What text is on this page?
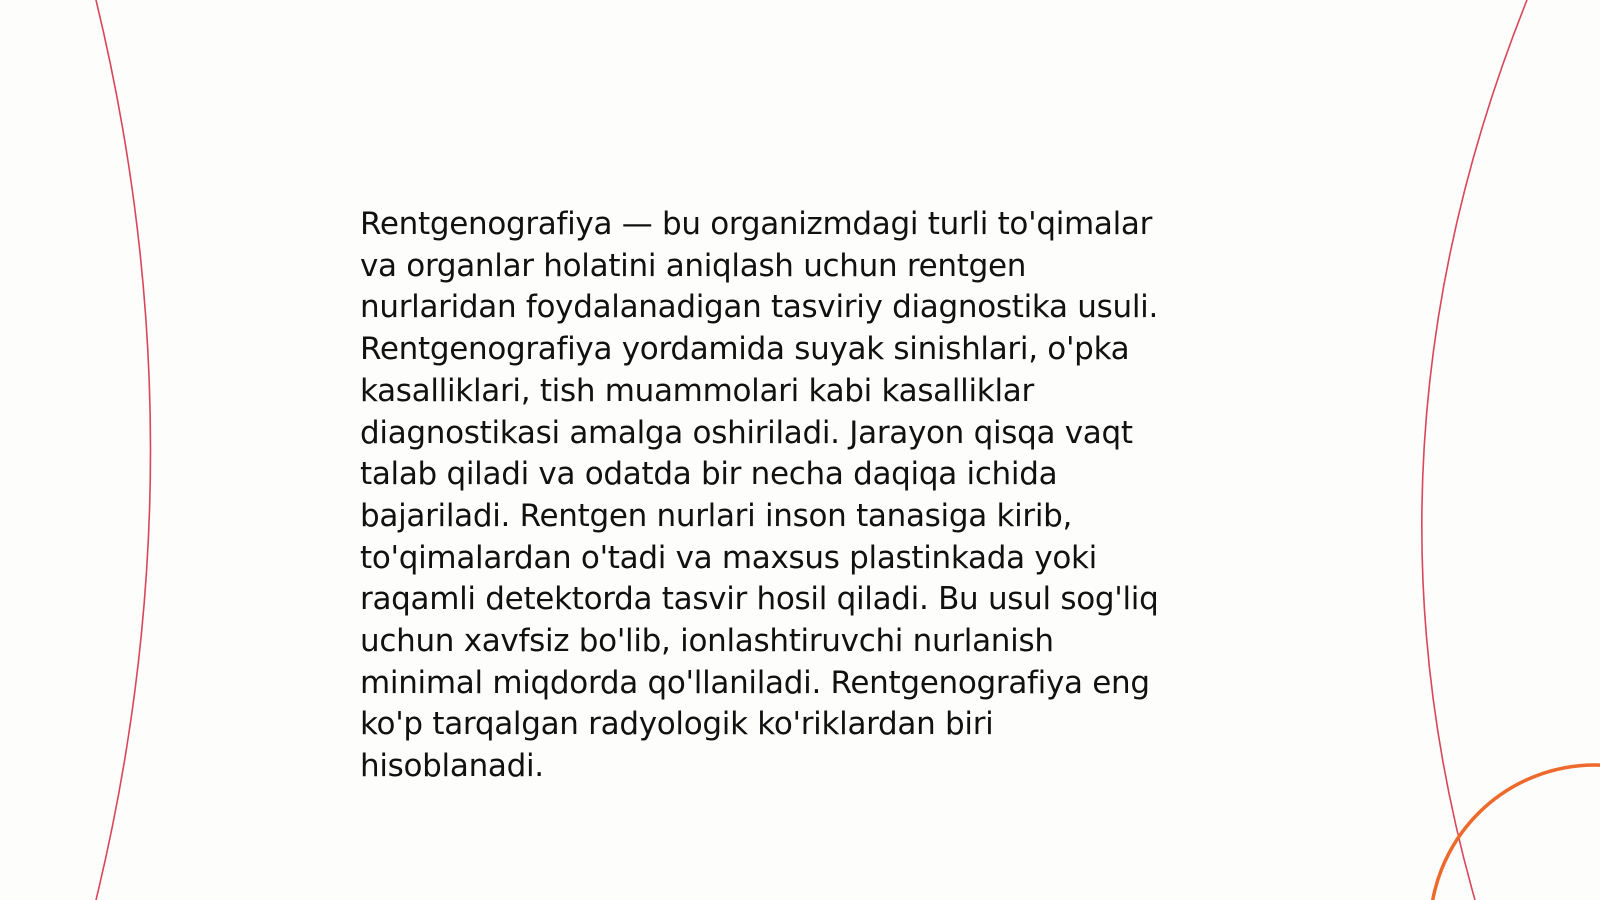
Rentgenografiya — bu organizmdagi turli to'qimalar
va organlar holatini aniqlash uchun rentgen
nurlaridan foydalanadigan tasviriy diagnostika usuli.
Rentgenografiya yordamida suyak sinishlari, o'pka
kasalliklari, tish muammolari kabi kasalliklar
diagnostikasi amalga oshiriladi. Jarayon qisqa vaqt
talab qiladi va odatda bir necha daqiqa ichida
bajariladi. Rentgen nurlari inson tanasiga kirib,
to'qimalardan o'tadi va maxsus plastinkada yoki
raqamli detektorda tasvir hosil qiladi. Bu usul sog'liq
uchun xavfsiz bo'lib, ionlashtiruvchi nurlanish
minimal miqdorda qo'llaniladi. Rentgenografiya eng
ko'p tarqalgan radyologik ko'riklardan biri
hisoblanadi.
